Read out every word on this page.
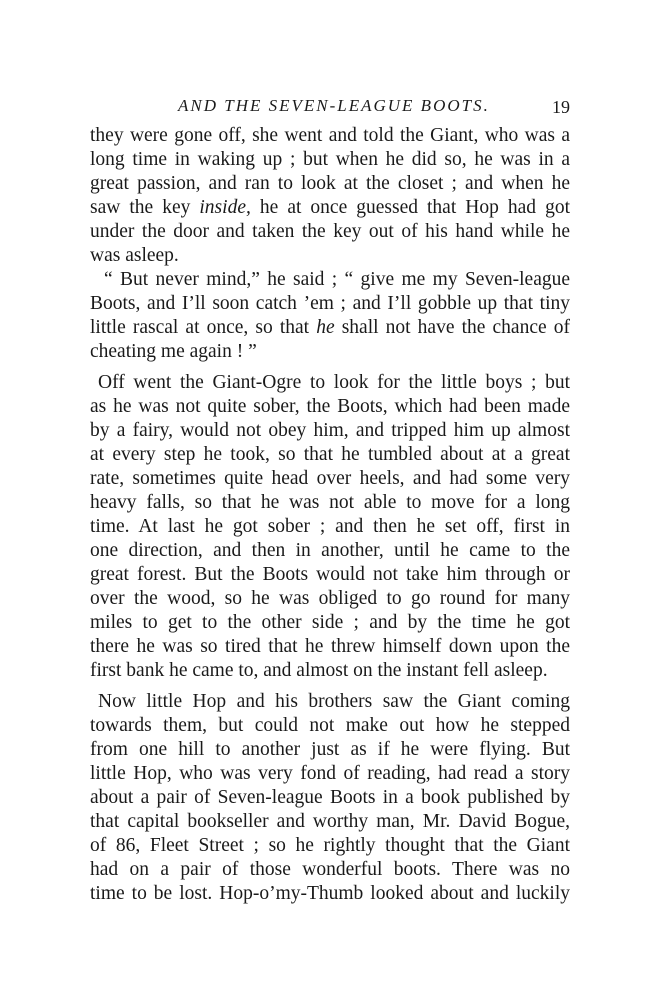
AND THE SEVEN-LEAGUE BOOTS.	19
they were gone off, she went and told the Giant, who was a
long time in waking up ; but when he did so, he was in a
great passion, and ran to look at the closet ; and when he
saw the key inside, he at once guessed that Hop had got
under the door and taken the key out of his hand while he
was asleep.
“ But never mind,” he said ; “ give me my Seven-league
Boots, and I’ll soon catch ’em ; and I’ll gobble up that tiny
little rascal at once, so that he shall not have the chance of
cheating me again ! ”
Off went the Giant-Ogre to look for the little boys ; but
as he was not quite sober, the Boots, which had been made
by a fairy, would not obey him, and tripped him up almost
at every step he took, so that he tumbled about at a great
rate, sometimes quite head over heels, and had some very
heavy falls, so that he was not able to move for a long
time. At last he got sober ; and then he set off, first in
one direction, and then in another, until he came to the
great forest. But the Boots would not take him through or
over the wood, so he was obliged to go round for many
miles to get to the other side ; and by the time he got
there he was so tired that he threw himself down upon the
first bank he came to, and almost on the instant fell asleep.
Now little Hop and his brothers saw the Giant coming
towards them, but could not make out how he stepped
from one hill to another just as if he were flying. But
little Hop, who was very fond of reading, had read a story
about a pair of Seven-league Boots in a book published by
that capital bookseller and worthy man, Mr. David Bogue,
of 86, Fleet Street ; so he rightly thought that the Giant
had on a pair of those wonderful boots. There was no
time to be lost. Hop-o’my-Thumb looked about and luckily
